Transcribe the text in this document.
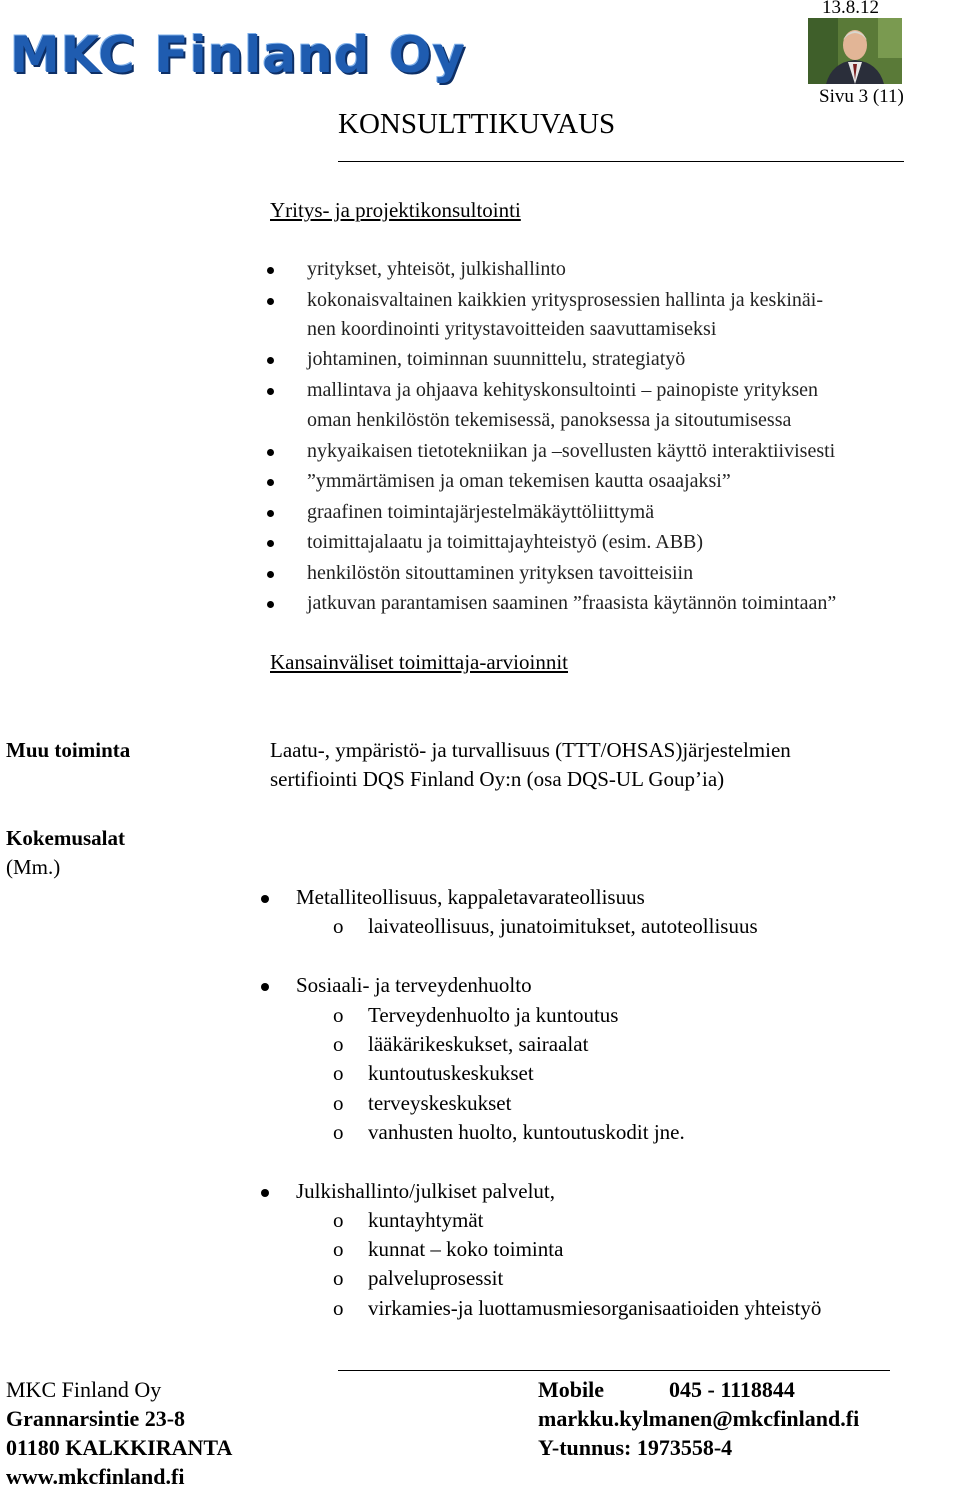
13.8.12
MKC Finland Oy
Sivu 3 (11)
KONSULTTIKUVAUS
Yritys- ja projektikonsultointi
yritykset, yhteisöt, julkishallinto
kokonaisvaltainen kaikkien yritysprosessien hallinta ja keskinäi-
nen koordinointi yritystavoitteiden saavuttamiseksi
johtaminen, toiminnan suunnittelu, strategiatyö
mallintava ja ohjaava kehityskonsultointi – painopiste yrityksen
oman henkilöstön tekemisessä, panoksessa ja sitoutumisessa
nykyaikaisen tietotekniikan ja –sovellusten käyttö interaktiivisesti
”ymmärtämisen ja oman tekemisen kautta osaajaksi”
graafinen toimintajärjestelmäkäyttöliittymä
toimittajalaatu ja toimittajayhteistyö (esim. ABB)
henkilöstön sitouttaminen yrityksen tavoitteisiin
jatkuvan parantamisen saaminen ”fraasista käytännön toimintaan”
Kansainväliset toimittaja-arvioinnit
Muu toiminta	Laatu-, ympäristö- ja turvallisuus (TTT/OHSAS)järjestelmien
sertifiointi DQS Finland Oy:n (osa DQS-UL Goup’ia)
Kokemusalat
(Mm.)
Metalliteollisuus, kappaletavarateollisuus
o laivateollisuus, junatoimitukset, autoteollisuus
Sosiaali- ja terveydenhuolto
o Terveydenhuolto ja kuntoutus
o lääkärikeskukset, sairaalat
o kuntoutuskeskukset
o terveyskeskukset
o vanhusten huolto, kuntoutuskodit jne.
Julkishallinto/julkiset palvelut,
o kuntayhtymät
o kunnat – koko toiminta
o palveluprosessit
o virkamies-ja luottamusmiesorganisaatioiden yhteistyö
MKC Finland Oy
Grannarsintie 23-8
01180 KALKKIRANTA
www.mkcfinland.fi
Mobile	045 - 1118844
markku.kylmanen@mkcfinland.fi
Y-tunnus: 1973558-4
